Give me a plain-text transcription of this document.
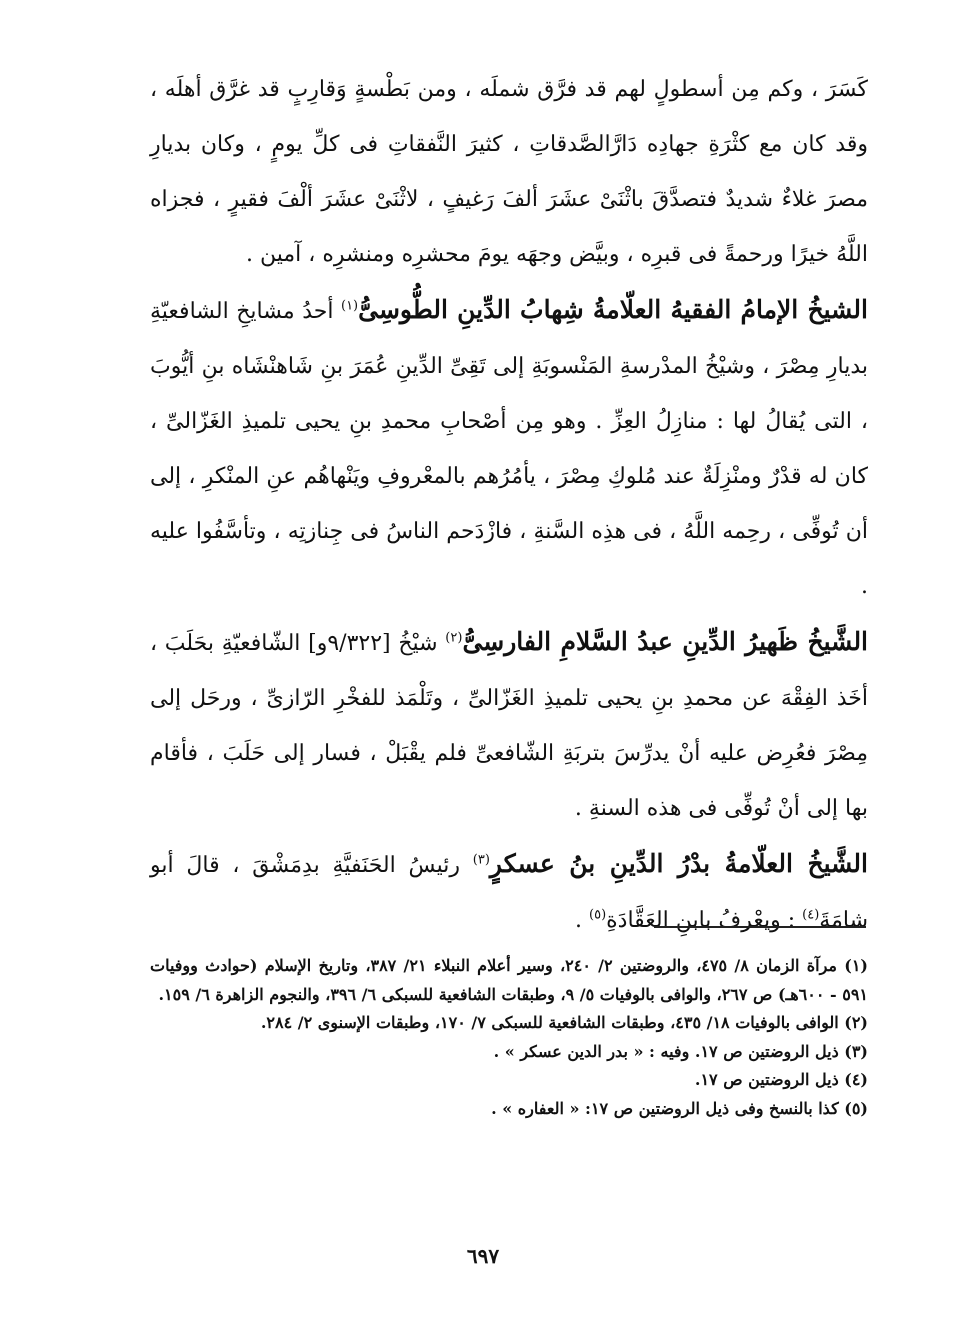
كَسَرَ ، وكم مِن أسطولٍ لهم قد فرَّق شملَه ، ومن بَطْسةٍ وَقارِبٍ قد غرَّق أهلَه ، وقد كان مع كثْرَةِ جهادِه دَارَّالصَّدقاتِ ، كثيرَ النَّفقاتِ فى كلِّ يومٍ ، وكان بديارِ مصرَ غلاءٌ شديدٌ فتصدَّقَ باثْنَىْ عشَرَ ألفَ رَغيفٍ ، لاثْنَىْ عشَرَ ألْفَ فقيرٍ ، فجزاه اللَّهُ خيرًا ورحمةً فى قبرِه ، وبيَّض وجهَه يومَ محشرِه ومنشرِه ، آمين .

الشيخُ الإمامُ الفقيهُ العلّامةُ شِهابُ الدِّينِ الطُّوسِىُّ$^{(١)}$ أحدُ مشايخِ الشافعيّةِ بديارِ مِصْرَ ، وشيْخُ المدْرسةِ المَنْسوبَةِ إلى تَقِىِّ الدِّينِ عُمَرَ بنِ شَاهنْشَاه بنِ أيُّوبَ ، التى يُقالُ لها : منازِلُ العِزِّ . وهو مِن أصْحابِ محمدِ بنِ يحيى تلميذِ الغَزّالىِّ ، كان له قدْرٌ ومنْزِلَةٌ عند مُلوكِ مِصْرَ ، يأمُرُهم بالمعْروفِ ويَنْهاهُم عنِ المنْكرِ ، إلى أن تُوفِّى ، رحِمه اللَّهُ ، فى هذِه السَّنةِ ، فازْدَحم الناسُ فى جِنازتِه ، وتأسَّفُوا عليه .

الشَّيخُ ظَهيرُ الدِّينِ عبدُ السَّلامِ الفارسِىُّ$^{(٢)}$ شيْخُ [٩/٣٢٢و] الشّافعيّةِ بحَلَبَ ، أخَذ الفِقْهَ عن محمدِ بنِ يحيى تلميذِ الغَزّالىِّ ، وتَلْمَذ للفخْرِ الرّازىِّ ، ورحَل إلى مِصْرَ فعُرِض عليه أنْ يدرِّسَ بتربَةِ الشّافعىِّ فلم يقْبَلْ ، فسار إلى حَلَبَ ، فأقام بها إلى أنْ تُوفِّى فى هذه السنةِ .

الشَّيخُ العلّامةُ بدْرُ الدِّينِ بنُ عسكرٍ$^{(٣)}$ رئيسُ الحَنَفيَّةِ بدِمَشْقَ ، قالَ أبو شامَةَ$^{(٤)}$ : ويعْرفُ بابنِ العَقَّادَةِ$^{(٥)}$ .

(١) مرآة الزمان ٨/ ٤٧٥، والروضتين ٢/ ٢٤٠، وسير أعلام النبلاء ٢١/ ٣٨٧، وتاريخ الإسلام (حوادث ووفيات ٥٩١ - ٦٠٠هـ) ص ٢٦٧، والوافى بالوفيات ٥/ ٩، وطبقات الشافعية للسبكى ٦/ ٣٩٦، والنجوم الزاهرة ٦/ ١٥٩.

(٢) الوافى بالوفيات ١٨/ ٤٣٥، وطبقات الشافعية للسبكى ٧/ ١٧٠، وطبقات الإسنوى ٢/ ٢٨٤.

(٣) ذيل الروضتين ص ١٧. وفيه : « بدر الدين عسكر » .

(٤) ذيل الروضتين ص ١٧.

(٥) كذا بالنسخ وفى ذيل الروضتين ص ١٧: « العفاره » .

٦٩٧
